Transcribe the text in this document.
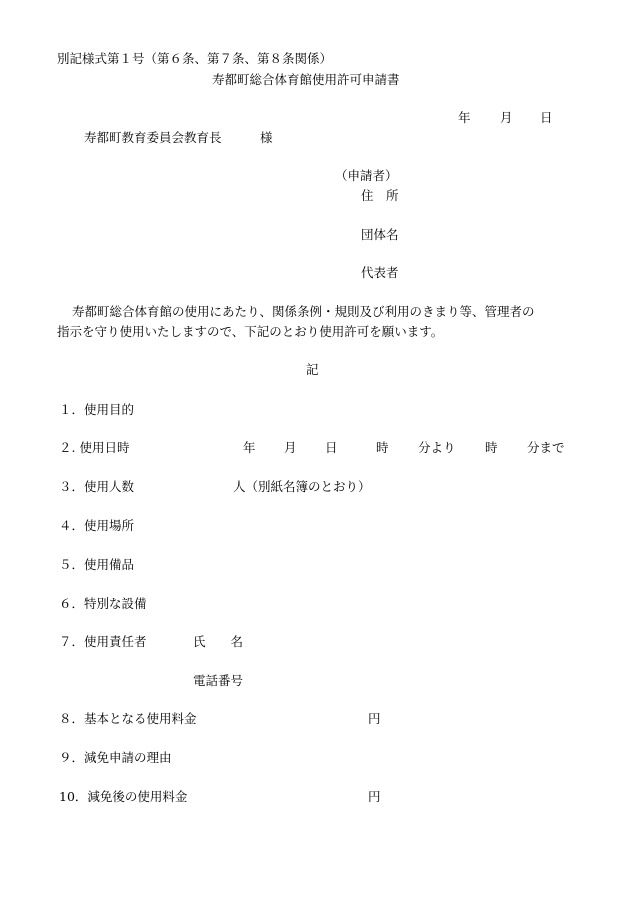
別記様式第１号（第６条、第７条、第８条関係）
寿都町総合体育館使用許可申請書
年 月 日
寿都町教育委員会教育長	様
（申請者）
住　所
団体名
代表者
寿都町総合体育館の使用にあたり、関係条例・規則及び利用のきまり等、管理者の
指示を守り使用いたしますので、下記のとおり使用許可を願います。
記
１．使用目的
２. 使用日時	年 月 日	時 分より 時 分まで
３．使用人数	人（別紙名簿のとおり）
４．使用場所
５．使用備品
６．特別な設備
７．使用責任者	氏　　名
電話番号
８．基本となる使用料金	円
９．減免申請の理由
10．減免後の使用料金	円
